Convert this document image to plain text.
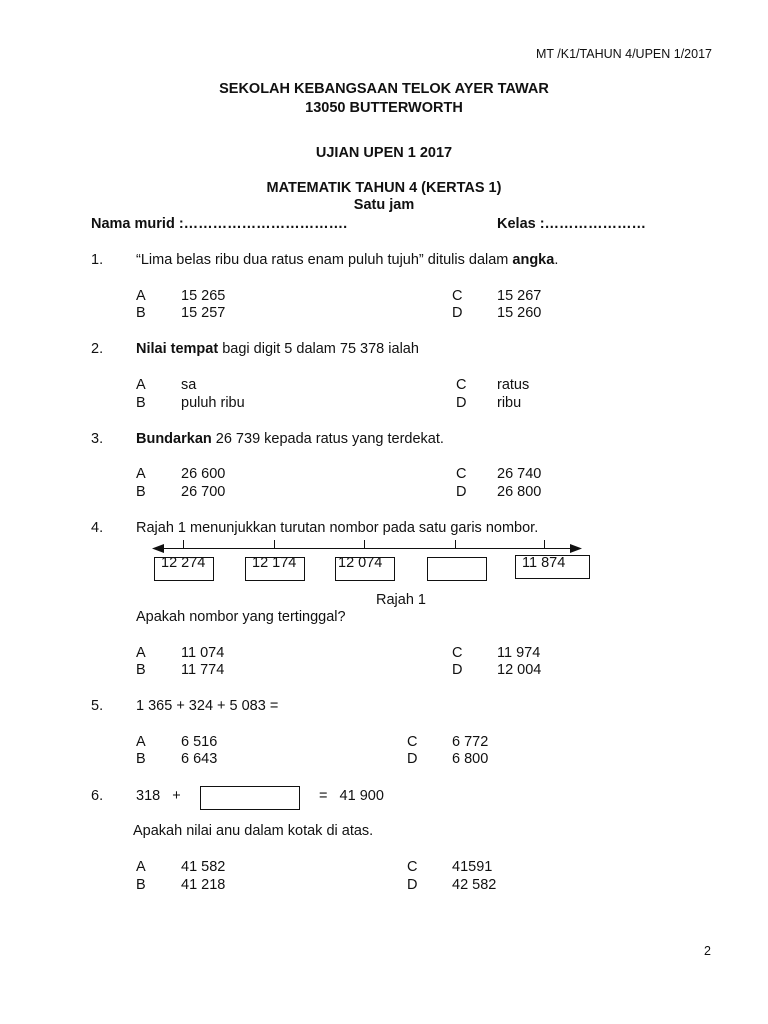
MT /K1/TAHUN 4/UPEN 1/2017
SEKOLAH KEBANGSAAN TELOK AYER TAWAR
13050 BUTTERWORTH
UJIAN UPEN 1 2017
MATEMATIK TAHUN 4 (KERTAS 1)
Satu jam
Nama murid :…………………………….	Kelas :…………………
1. “Lima belas ribu dua ratus enam puluh tujuh” ditulis dalam angka.
A 15 265
B 15 257
C 15 267
D 15 260
2. Nilai tempat bagi digit 5 dalam 75 378 ialah
A sa
B puluh ribu
C ratus
D ribu
3. Bundarkan 26 739 kepada ratus yang terdekat.
A 26 600
B 26 700
C 26 740
D 26 800
4. Rajah 1 menunjukkan turutan nombor pada satu garis nombor.
12 274	12 174	12 074	11 874
Rajah 1
Apakah nombor yang tertinggal?
A 11 074
B 11 774
C 11 974
D 12 004
5. 1 365 + 324 + 5 083 =
A 6 516
B 6 643
C 6 772
D 6 800
6. 318   +	=   41 900
Apakah nilai anu dalam kotak di atas.
A 41 582
B 41 218
C 41591
D 42 582
2
